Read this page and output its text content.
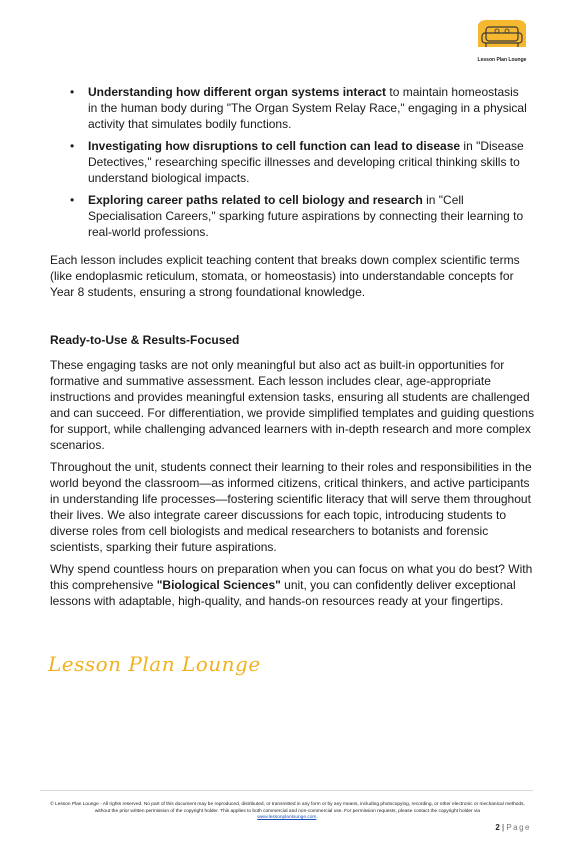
Lesson Plan Lounge
• Understanding how different organ systems interact to maintain homeostasis in the human body during "The Organ System Relay Race," engaging in a physical activity that simulates bodily functions.
• Investigating how disruptions to cell function can lead to disease in "Disease Detectives," researching specific illnesses and developing critical thinking skills to understand biological impacts.
• Exploring career paths related to cell biology and research in "Cell Specialisation Careers," sparking future aspirations by connecting their learning to real-world professions.

Each lesson includes explicit teaching content that breaks down complex scientific terms (like endoplasmic reticulum, stomata, or homeostasis) into understandable concepts for Year 8 students, ensuring a strong foundational knowledge.

Ready-to-Use & Results-Focused

These engaging tasks are not only meaningful but also act as built-in opportunities for formative and summative assessment. Each lesson includes clear, age-appropriate instructions and provides meaningful extension tasks, ensuring all students are challenged and can succeed. For differentiation, we provide simplified templates and guiding questions for support, while challenging advanced learners with in-depth research and more complex scenarios.

Throughout the unit, students connect their learning to their roles and responsibilities in the world beyond the classroom—as informed citizens, critical thinkers, and active participants in understanding life processes—fostering scientific literacy that will serve them throughout their lives. We also integrate career discussions for each topic, introducing students to diverse roles from cell biologists and medical researchers to botanists and forensic scientists, sparking their future aspirations.

Why spend countless hours on preparation when you can focus on what you do best? With this comprehensive "Biological Sciences" unit, you can confidently deliver exceptional lessons with adaptable, high-quality, and hands-on resources ready at your fingertips.

Lesson Plan Lounge
© Lesson Plan Lounge - All rights reserved. No part of this document may be reproduced, distributed, or transmitted in any form or by any means, including photocopying, recording, or other electronic or mechanical methods, without the prior written permission of the copyright holder. This applies to both commercial and non-commercial use. For permission requests, please contact the copyright holder via
www.lessonplanlounge.com.
2 | Page
